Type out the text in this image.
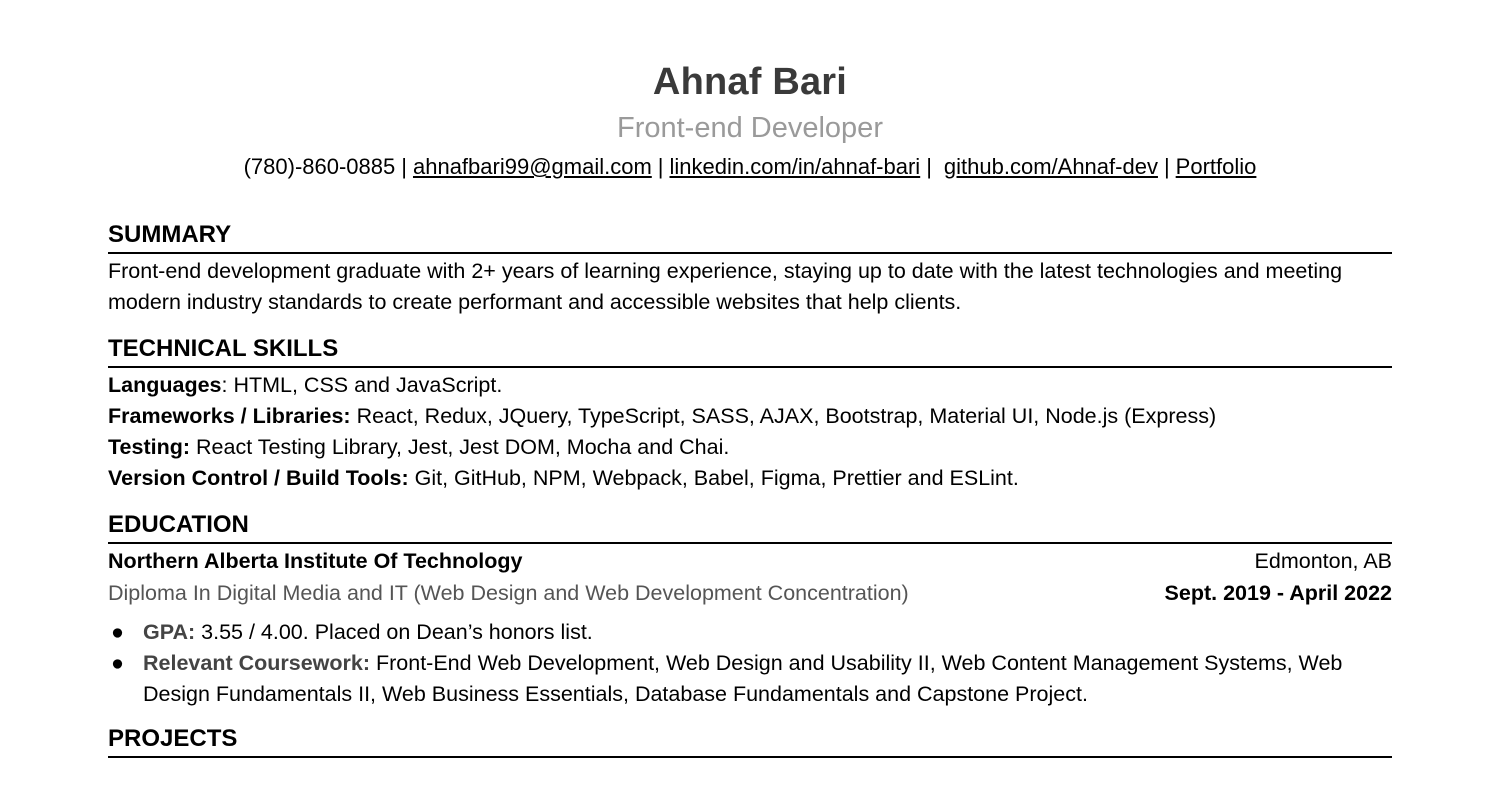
Ahnaf Bari
Front-end Developer
(780)-860-0885 | ahnafbari99@gmail.com | linkedin.com/in/ahnaf-bari | github.com/Ahnaf-dev | Portfolio
SUMMARY

Front-end development graduate with 2+ years of learning experience, staying up to date with the latest technologies and meeting modern industry standards to create performant and accessible websites that help clients.

TECHNICAL SKILLS
Languages: HTML, CSS and JavaScript.
Frameworks / Libraries: React, Redux, JQuery, TypeScript, SASS, AJAX, Bootstrap, Material UI, Node.js (Express)
Testing: React Testing Library, Jest, Jest DOM, Mocha and Chai.
Version Control / Build Tools: Git, GitHub, NPM, Webpack, Babel, Figma, Prettier and ESLint.
EDUCATION
Northern Alberta Institute Of Technology	Edmonton, AB
Diploma In Digital Media and IT (Web Design and Web Development Concentration)	Sept. 2019 - April 2022
● GPA: 3.55 / 4.00. Placed on Dean’s honors list.
● Relevant Coursework: Front-End Web Development, Web Design and Usability II, Web Content Management Systems, Web Design Fundamentals II, Web Business Essentials, Database Fundamentals and Capstone Project.
PROJECTS
